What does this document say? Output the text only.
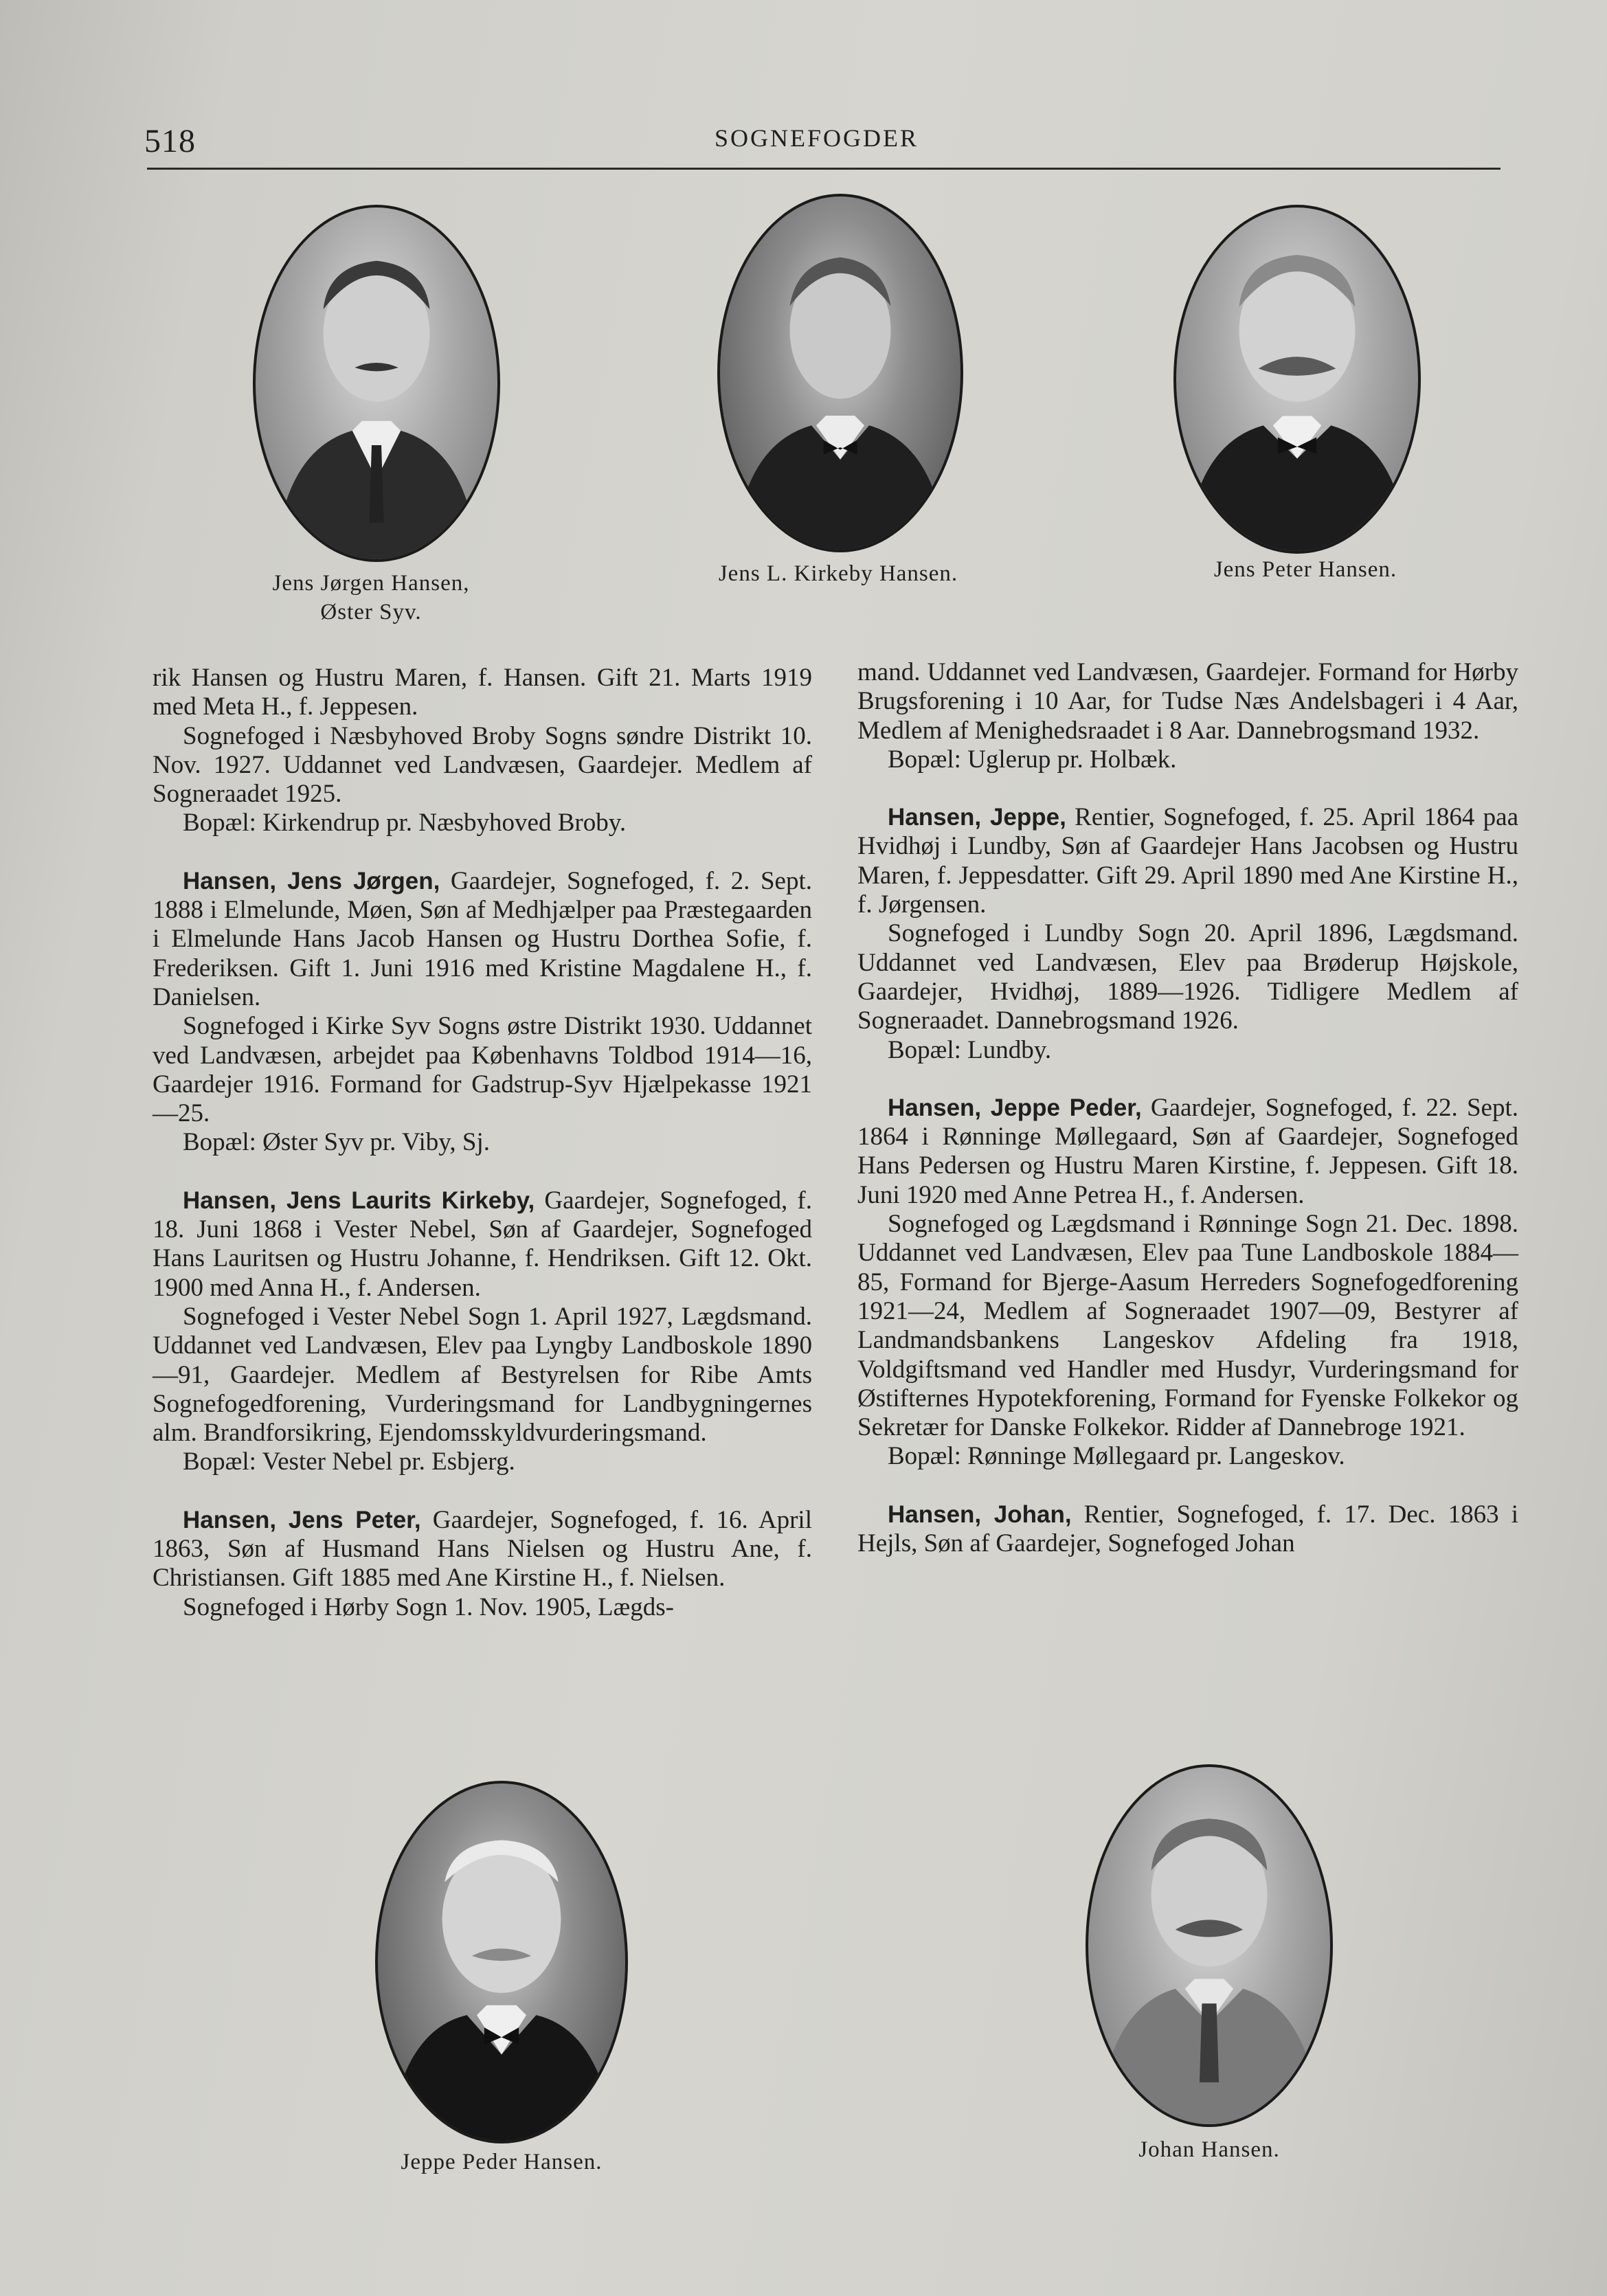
518	SOGNEFOGDER
Jens Jørgen Hansen,
Øster Syv.
Jens L. Kirkeby Hansen.	Jens Peter Hansen.

rik Hansen og Hustru Maren, f. Hansen. Gift 21. Marts 1919 med Meta H., f. Jeppesen.

Sognefoged i Næsbyhoved Broby Sogns søndre Distrikt 10. Nov. 1927. Uddannet ved Landvæsen, Gaardejer. Medlem af Sogneraadet 1925.

Bopæl: Kirkendrup pr. Næsbyhoved Broby.

Hansen, Jens Jørgen, Gaardejer, Sognefoged, f. 2. Sept. 1888 i Elmelunde, Møen, Søn af Medhjælper paa Præstegaarden i Elmelunde Hans Jacob Hansen og Hustru Dorthea Sofie, f. Frederiksen. Gift 1. Juni 1916 med Kristine Magdalene H., f. Danielsen.

Sognefoged i Kirke Syv Sogns østre Distrikt 1930. Uddannet ved Landvæsen, arbejdet paa Københavns Toldbod 1914—16, Gaardejer 1916. Formand for Gadstrup-Syv Hjælpekasse 1921—25.

Bopæl: Øster Syv pr. Viby, Sj.

Hansen, Jens Laurits Kirkeby, Gaardejer, Sognefoged, f. 18. Juni 1868 i Vester Nebel, Søn af Gaardejer, Sognefoged Hans Lauritsen og Hustru Johanne, f. Hendriksen. Gift 12. Okt. 1900 med Anna H., f. Andersen.

Sognefoged i Vester Nebel Sogn 1. April 1927, Lægdsmand. Uddannet ved Landvæsen, Elev paa Lyngby Landboskole 1890—91, Gaardejer. Medlem af Bestyrelsen for Ribe Amts Sognefogedforening, Vurderingsmand for Landbygningernes alm. Brandforsikring, Ejendomsskyldvurderingsmand.

Bopæl: Vester Nebel pr. Esbjerg.

Hansen, Jens Peter, Gaardejer, Sognefoged, f. 16. April 1863, Søn af Husmand Hans Nielsen og Hustru Ane, f. Christiansen. Gift 1885 med Ane Kirstine H., f. Nielsen.

Sognefoged i Hørby Sogn 1. Nov. 1905, Lægds-

mand. Uddannet ved Landvæsen, Gaardejer. Formand for Hørby Brugsforening i 10 Aar, for Tudse Næs Andelsbageri i 4 Aar, Medlem af Menighedsraadet i 8 Aar. Dannebrogsmand 1932.

Bopæl: Uglerup pr. Holbæk.

Hansen, Jeppe, Rentier, Sognefoged, f. 25. April 1864 paa Hvidhøj i Lundby, Søn af Gaardejer Hans Jacobsen og Hustru Maren, f. Jeppesdatter. Gift 29. April 1890 med Ane Kirstine H., f. Jørgensen.

Sognefoged i Lundby Sogn 20. April 1896, Lægdsmand. Uddannet ved Landvæsen, Elev paa Brøderup Højskole, Gaardejer, Hvidhøj, 1889—1926. Tidligere Medlem af Sogneraadet. Dannebrogsmand 1926.

Bopæl: Lundby.

Hansen, Jeppe Peder, Gaardejer, Sognefoged, f. 22. Sept. 1864 i Rønninge Møllegaard, Søn af Gaardejer, Sognefoged Hans Pedersen og Hustru Maren Kirstine, f. Jeppesen. Gift 18. Juni 1920 med Anne Petrea H., f. Andersen.

Sognefoged og Lægdsmand i Rønninge Sogn 21. Dec. 1898. Uddannet ved Landvæsen, Elev paa Tune Landboskole 1884—85, Formand for Bjerge-Aasum Herreders Sognefogedforening 1921—24, Medlem af Sogneraadet 1907—09, Bestyrer af Landmandsbankens Langeskov Afdeling fra 1918, Voldgiftsmand ved Handler med Husdyr, Vurderingsmand for Østifternes Hypotekforening, Formand for Fyenske Folkekor og Sekretær for Danske Folkekor. Ridder af Dannebroge 1921.

Bopæl: Rønninge Møllegaard pr. Langeskov.

Hansen, Johan, Rentier, Sognefoged, f. 17. Dec. 1863 i Hejls, Søn af Gaardejer, Sognefoged Johan

Jeppe Peder Hansen.	Johan Hansen.
